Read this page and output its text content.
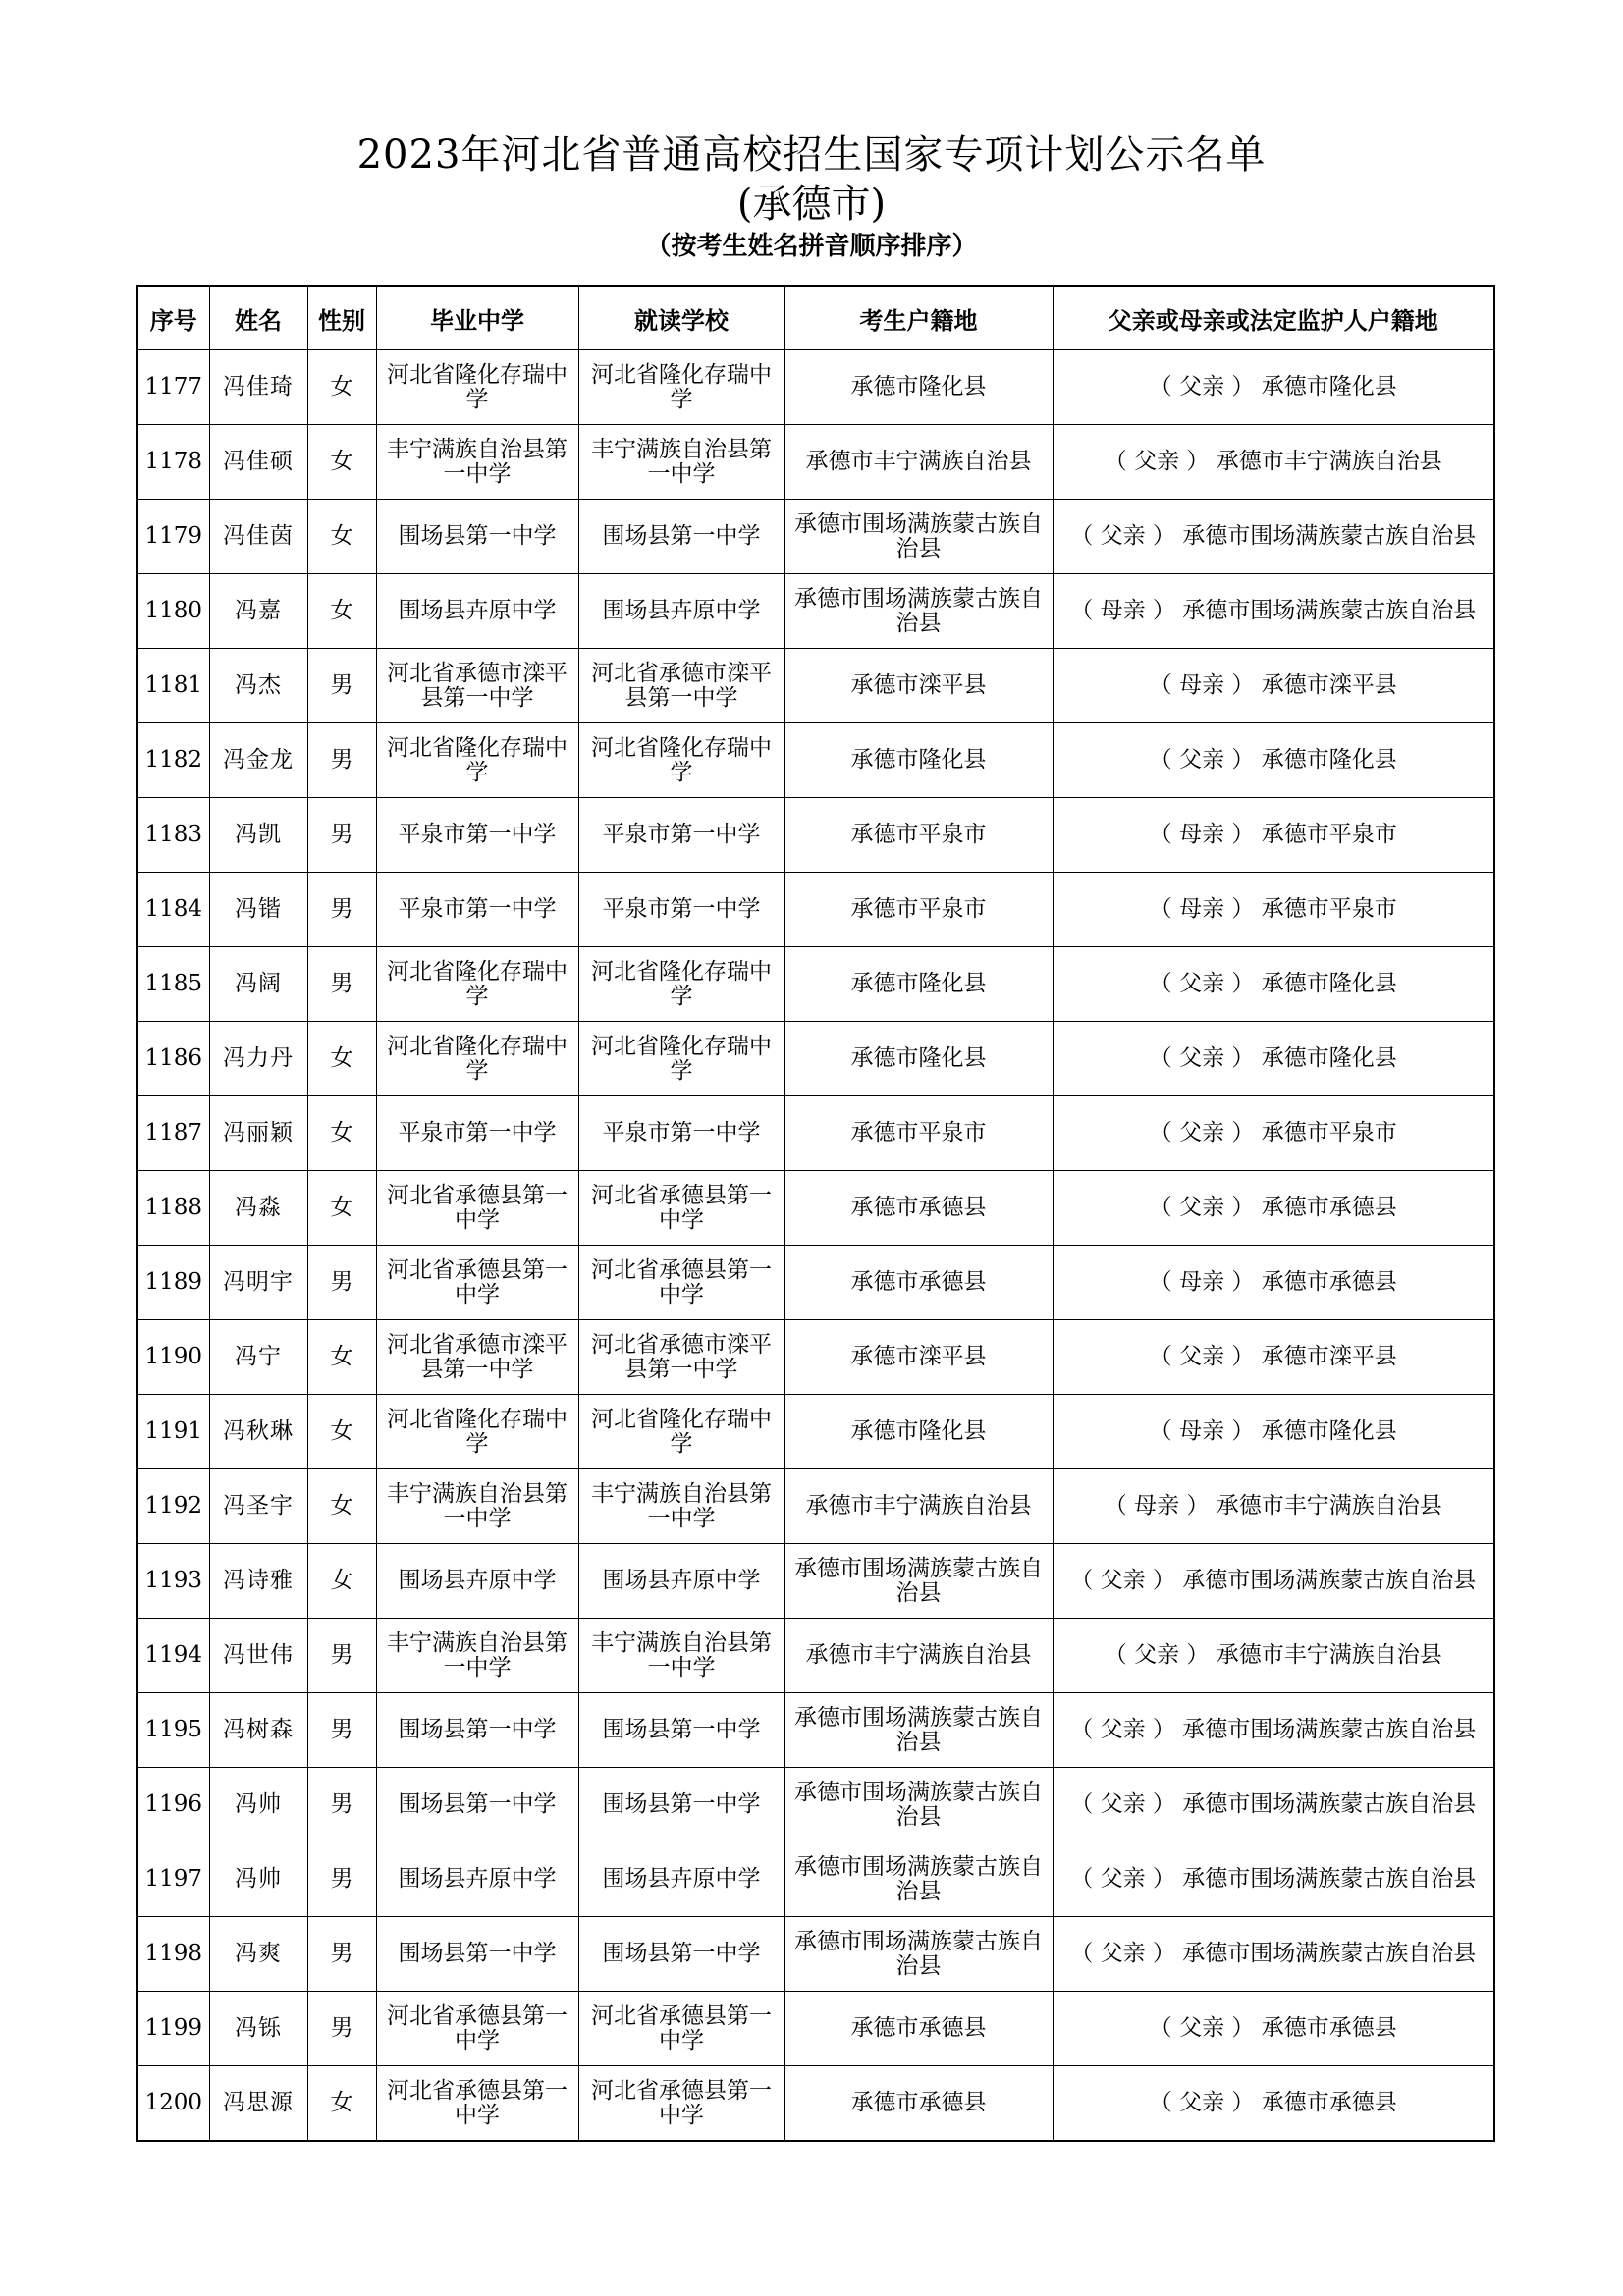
2023年河北省普通高校招生国家专项计划公示名单
(承德市)
（按考生姓名拼音顺序排序）
序号	姓名	性别	毕业中学	就读学校	考生户籍地	父亲或母亲或法定监护人户籍地
1177	冯佳琦	女	河北省隆化存瑞中学	河北省隆化存瑞中学	承德市隆化县	（ 父亲 ） 承德市隆化县
1178	冯佳硕	女	丰宁满族自治县第一中学	丰宁满族自治县第一中学	承德市丰宁满族自治县	（ 父亲 ） 承德市丰宁满族自治县
1179	冯佳茵	女	围场县第一中学	围场县第一中学	承德市围场满族蒙古族自治县	（ 父亲 ） 承德市围场满族蒙古族自治县
1180	冯嘉	女	围场县卉原中学	围场县卉原中学	承德市围场满族蒙古族自治县	（ 母亲 ） 承德市围场满族蒙古族自治县
1181	冯杰	男	河北省承德市滦平县第一中学	河北省承德市滦平县第一中学	承德市滦平县	（ 母亲 ） 承德市滦平县
1182	冯金龙	男	河北省隆化存瑞中学	河北省隆化存瑞中学	承德市隆化县	（ 父亲 ） 承德市隆化县
1183	冯凯	男	平泉市第一中学	平泉市第一中学	承德市平泉市	（ 母亲 ） 承德市平泉市
1184	冯锴	男	平泉市第一中学	平泉市第一中学	承德市平泉市	（ 母亲 ） 承德市平泉市
1185	冯阔	男	河北省隆化存瑞中学	河北省隆化存瑞中学	承德市隆化县	（ 父亲 ） 承德市隆化县
1186	冯力丹	女	河北省隆化存瑞中学	河北省隆化存瑞中学	承德市隆化县	（ 父亲 ） 承德市隆化县
1187	冯丽颖	女	平泉市第一中学	平泉市第一中学	承德市平泉市	（ 父亲 ） 承德市平泉市
1188	冯淼	女	河北省承德县第一中学	河北省承德县第一中学	承德市承德县	（ 父亲 ） 承德市承德县
1189	冯明宇	男	河北省承德县第一中学	河北省承德县第一中学	承德市承德县	（ 母亲 ） 承德市承德县
1190	冯宁	女	河北省承德市滦平县第一中学	河北省承德市滦平县第一中学	承德市滦平县	（ 父亲 ） 承德市滦平县
1191	冯秋琳	女	河北省隆化存瑞中学	河北省隆化存瑞中学	承德市隆化县	（ 母亲 ） 承德市隆化县
1192	冯圣宇	女	丰宁满族自治县第一中学	丰宁满族自治县第一中学	承德市丰宁满族自治县	（ 母亲 ） 承德市丰宁满族自治县
1193	冯诗雅	女	围场县卉原中学	围场县卉原中学	承德市围场满族蒙古族自治县	（ 父亲 ） 承德市围场满族蒙古族自治县
1194	冯世伟	男	丰宁满族自治县第一中学	丰宁满族自治县第一中学	承德市丰宁满族自治县	（ 父亲 ） 承德市丰宁满族自治县
1195	冯树森	男	围场县第一中学	围场县第一中学	承德市围场满族蒙古族自治县	（ 父亲 ） 承德市围场满族蒙古族自治县
1196	冯帅	男	围场县第一中学	围场县第一中学	承德市围场满族蒙古族自治县	（ 父亲 ） 承德市围场满族蒙古族自治县
1197	冯帅	男	围场县卉原中学	围场县卉原中学	承德市围场满族蒙古族自治县	（ 父亲 ） 承德市围场满族蒙古族自治县
1198	冯爽	男	围场县第一中学	围场县第一中学	承德市围场满族蒙古族自治县	（ 父亲 ） 承德市围场满族蒙古族自治县
1199	冯铄	男	河北省承德县第一中学	河北省承德县第一中学	承德市承德县	（ 父亲 ） 承德市承德县
1200	冯思源	女	河北省承德县第一中学	河北省承德县第一中学	承德市承德县	（ 父亲 ） 承德市承德县
